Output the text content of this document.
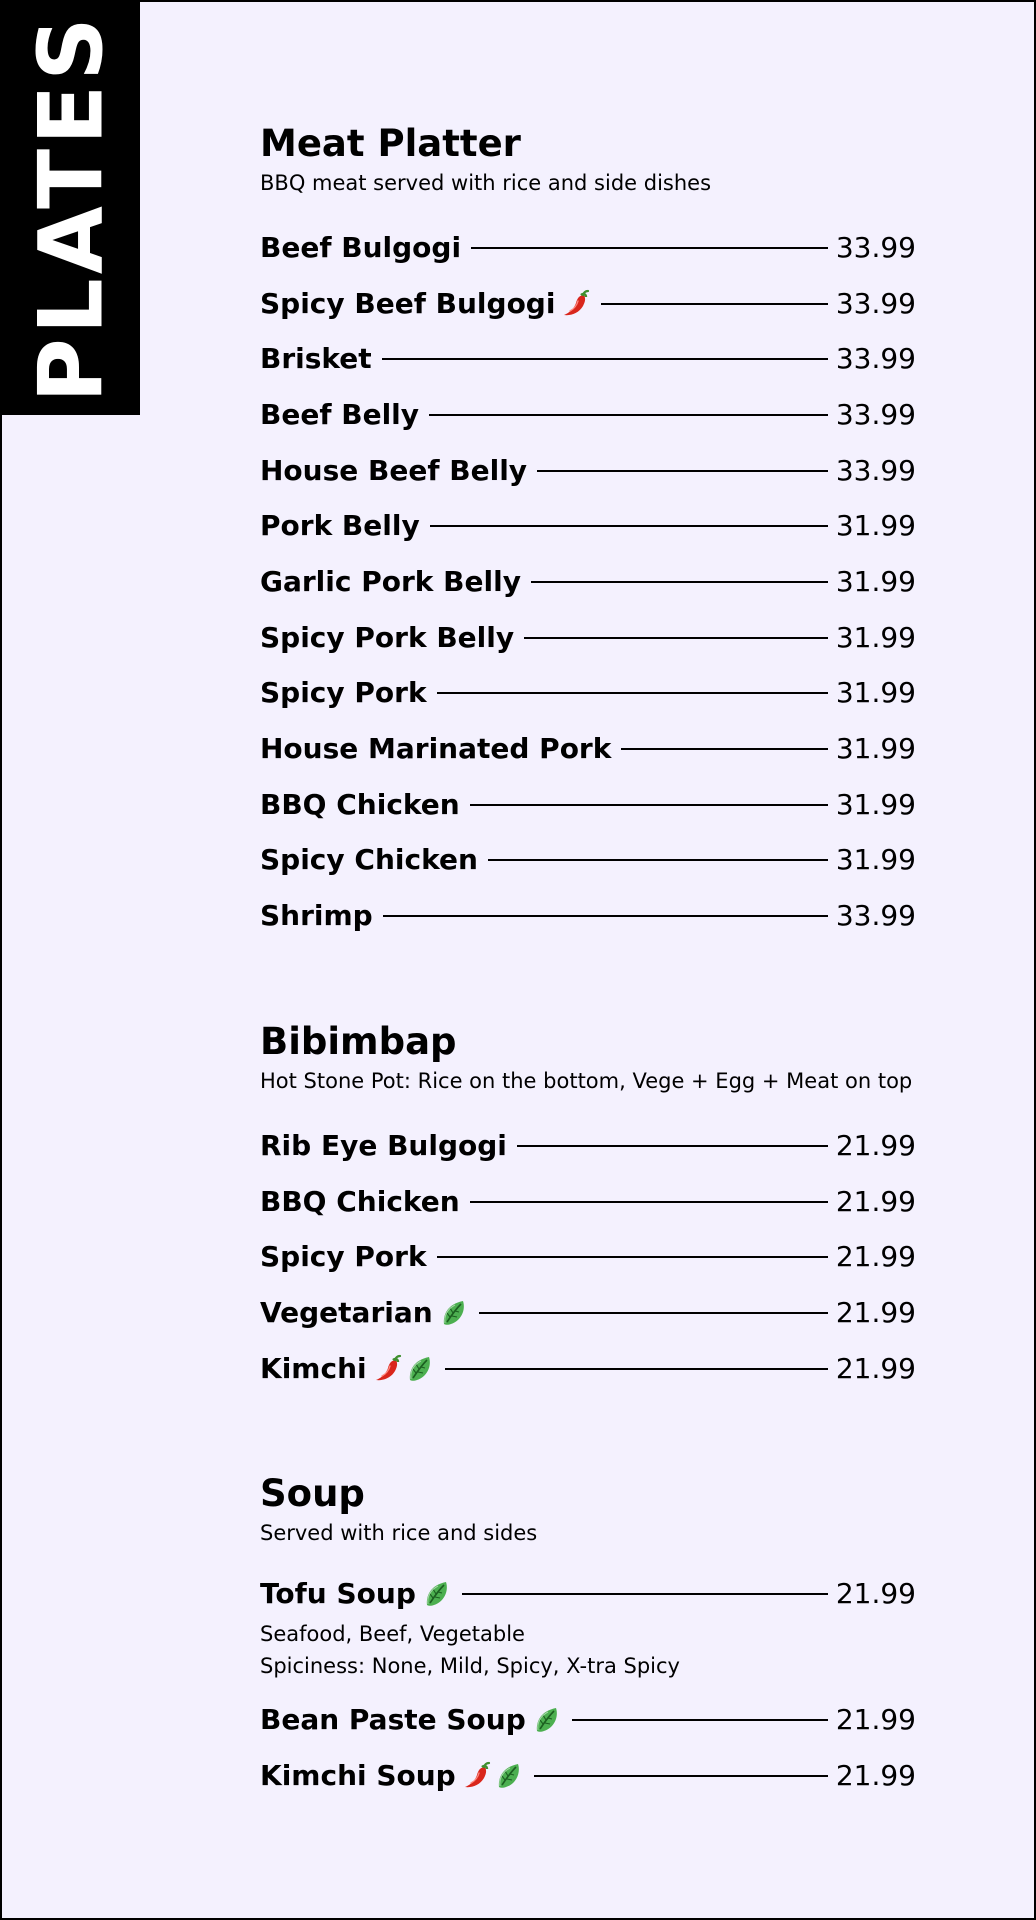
PLATES	Meat Platter
BBQ meat served with rice and side dishes
Beef Bulgogi	33.99
Spicy Beef Bulgogi	33.99
Brisket	33.99
Beef Belly	33.99
House Beef Belly	33.99
Pork Belly	31.99
Garlic Pork Belly	31.99
Spicy Pork Belly	31.99
Spicy Pork	31.99
House Marinated Pork	31.99
BBQ Chicken	31.99
Spicy Chicken	31.99
Shrimp	33.99
Bibimbap
Hot Stone Pot: Rice on the bottom, Vege + Egg + Meat on top
Rib Eye Bulgogi	21.99
BBQ Chicken	21.99
Spicy Pork	21.99
Vegetarian	21.99
Kimchi	21.99
Soup
Served with rice and sides
Tofu Soup	21.99
Seafood, Beef, Vegetable
Spiciness: None, Mild, Spicy, X-tra Spicy
Bean Paste Soup	21.99
Kimchi Soup	21.99
